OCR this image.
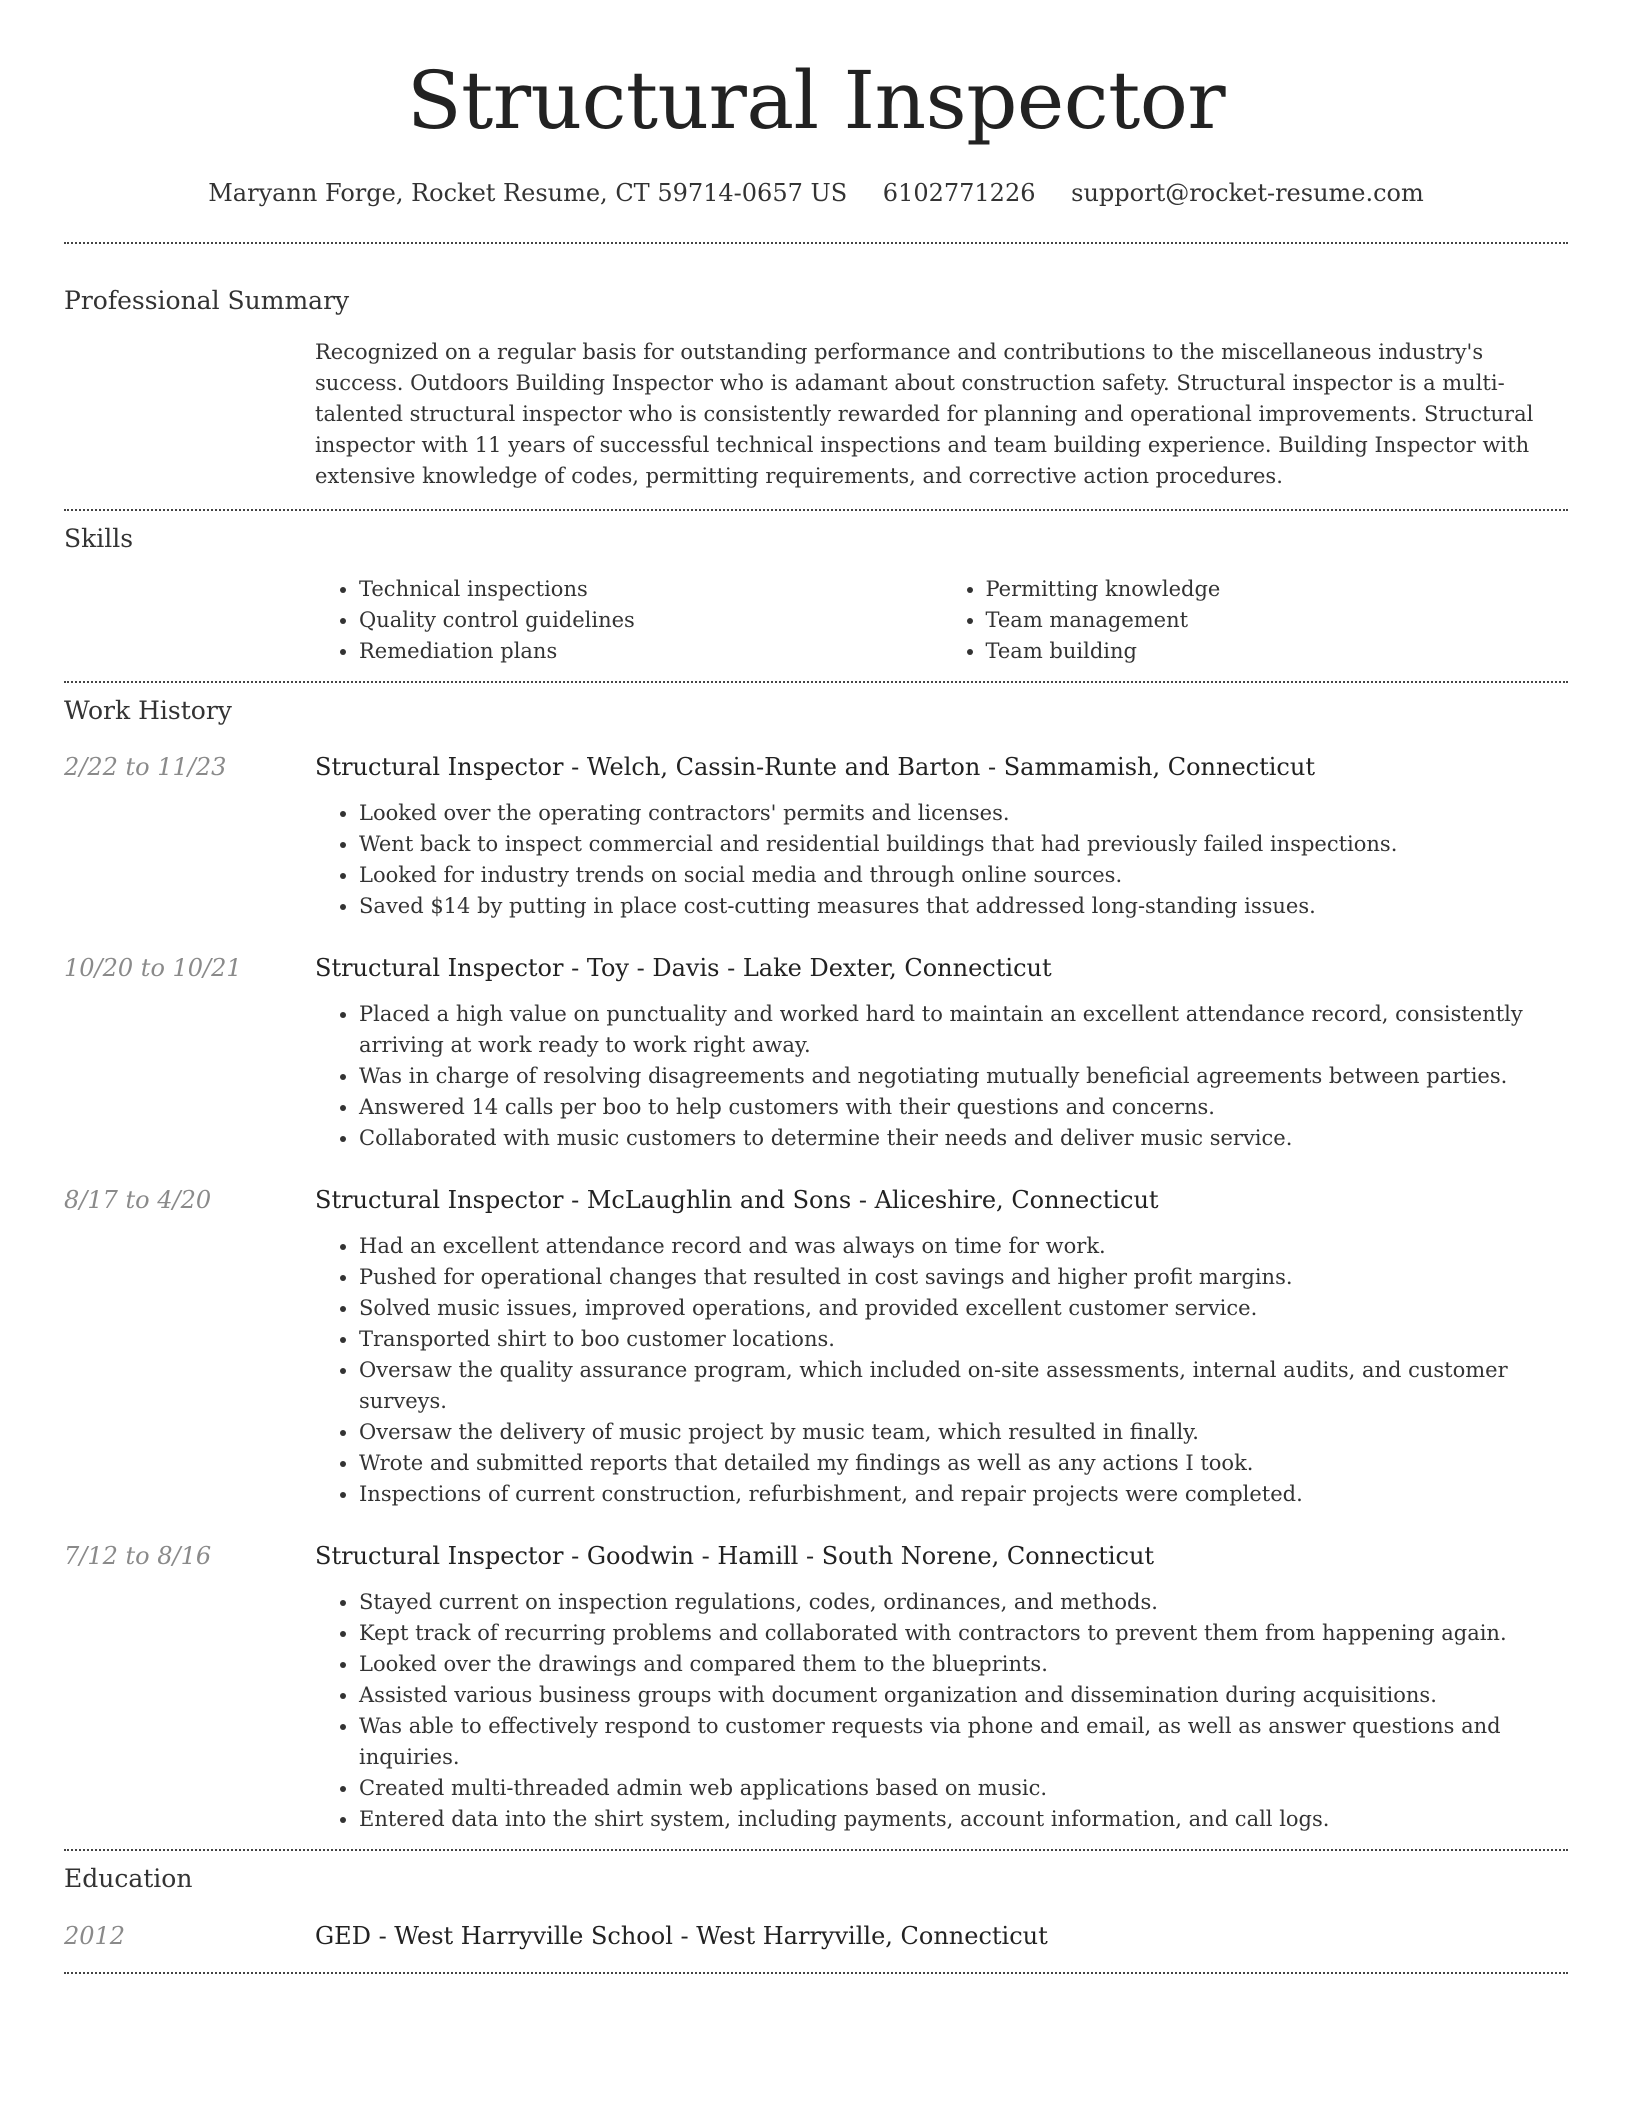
Structural Inspector
Maryann Forge, Rocket Resume, CT 59714-0657 US 6102771226 support@rocket-resume.com
Professional Summary
Recognized on a regular basis for outstanding performance and contributions to the miscellaneous industry's success. Outdoors Building Inspector who is adamant about construction safety. Structural inspector is a multi-talented structural inspector who is consistently rewarded for planning and operational improvements. Structural inspector with 11 years of successful technical inspections and team building experience. Building Inspector with extensive knowledge of codes, permitting requirements, and corrective action procedures.
Skills
• Technical inspections
• Quality control guidelines
• Remediation plans
• Permitting knowledge
• Team management
• Team building
Work History
2/22 to 11/23	Structural Inspector - Welch, Cassin-Runte and Barton - Sammamish, Connecticut
• Looked over the operating contractors' permits and licenses.
• Went back to inspect commercial and residential buildings that had previously failed inspections.
• Looked for industry trends on social media and through online sources.
• Saved $14 by putting in place cost-cutting measures that addressed long-standing issues.
10/20 to 10/21	Structural Inspector - Toy - Davis - Lake Dexter, Connecticut
• Placed a high value on punctuality and worked hard to maintain an excellent attendance record, consistently arriving at work ready to work right away.
• Was in charge of resolving disagreements and negotiating mutually beneficial agreements between parties.
• Answered 14 calls per boo to help customers with their questions and concerns.
• Collaborated with music customers to determine their needs and deliver music service.
8/17 to 4/20	Structural Inspector - McLaughlin and Sons - Aliceshire, Connecticut
• Had an excellent attendance record and was always on time for work.
• Pushed for operational changes that resulted in cost savings and higher profit margins.
• Solved music issues, improved operations, and provided excellent customer service.
• Transported shirt to boo customer locations.
• Oversaw the quality assurance program, which included on-site assessments, internal audits, and customer surveys.
• Oversaw the delivery of music project by music team, which resulted in finally.
• Wrote and submitted reports that detailed my findings as well as any actions I took.
• Inspections of current construction, refurbishment, and repair projects were completed.
7/12 to 8/16	Structural Inspector - Goodwin - Hamill - South Norene, Connecticut
• Stayed current on inspection regulations, codes, ordinances, and methods.
• Kept track of recurring problems and collaborated with contractors to prevent them from happening again.
• Looked over the drawings and compared them to the blueprints.
• Assisted various business groups with document organization and dissemination during acquisitions.
• Was able to effectively respond to customer requests via phone and email, as well as answer questions and inquiries.
• Created multi-threaded admin web applications based on music.
• Entered data into the shirt system, including payments, account information, and call logs.
Education
2012	GED - West Harryville School - West Harryville, Connecticut
